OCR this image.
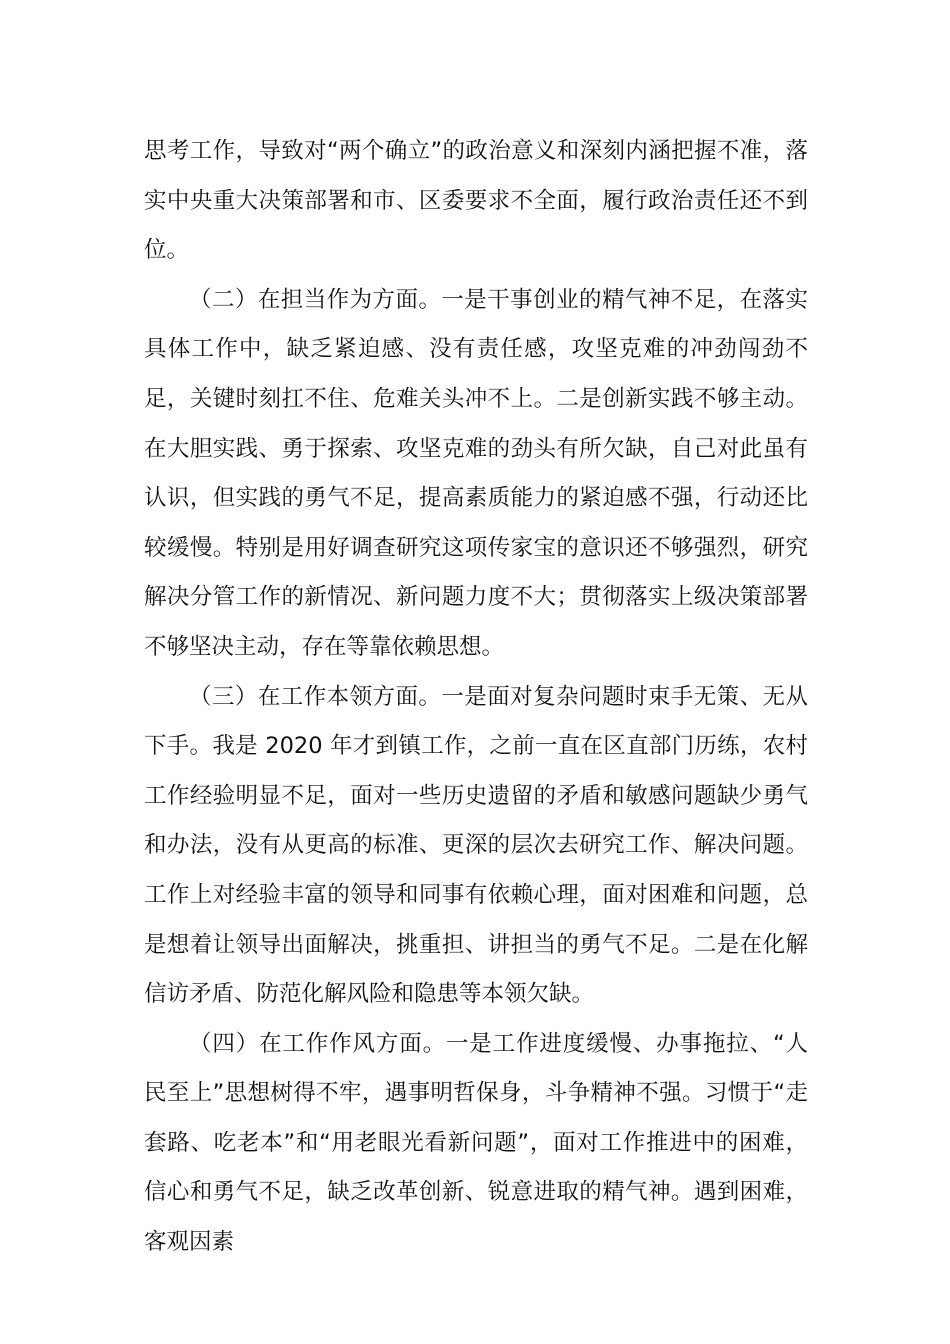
思考工作，导致对“两个确立”的政治意义和深刻内涵把握不准，落实中央重大决策部署和市、区委要求不全面，履行政治责任还不到位。

（二）在担当作为方面。一是干事创业的精气神不足，在落实具体工作中，缺乏紧迫感、没有责任感，攻坚克难的冲劲闯劲不足，关键时刻扛不住、危难关头冲不上。二是创新实践不够主动。在大胆实践、勇于探索、攻坚克难的劲头有所欠缺，自己对此虽有认识，但实践的勇气不足，提高素质能力的紧迫感不强，行动还比较缓慢。特别是用好调查研究这项传家宝的意识还不够强烈，研究解决分管工作的新情况、新问题力度不大；贯彻落实上级决策部署不够坚决主动，存在等靠依赖思想。

（三）在工作本领方面。一是面对复杂问题时束手无策、无从下手。我是 2020 年才到镇工作，之前一直在区直部门历练，农村工作经验明显不足，面对一些历史遗留的矛盾和敏感问题缺少勇气和办法，没有从更高的标准、更深的层次去研究工作、解决问题。工作上对经验丰富的领导和同事有依赖心理，面对困难和问题，总是想着让领导出面解决，挑重担、讲担当的勇气不足。二是在化解信访矛盾、防范化解风险和隐患等本领欠缺。

（四）在工作作风方面。一是工作进度缓慢、办事拖拉、“人民至上”思想树得不牢，遇事明哲保身，斗争精神不强。习惯于“走套路、吃老本”和“用老眼光看新问题”，面对工作推进中的困难，信心和勇气不足，缺乏改革创新、锐意进取的精气神。遇到困难，客观因素
